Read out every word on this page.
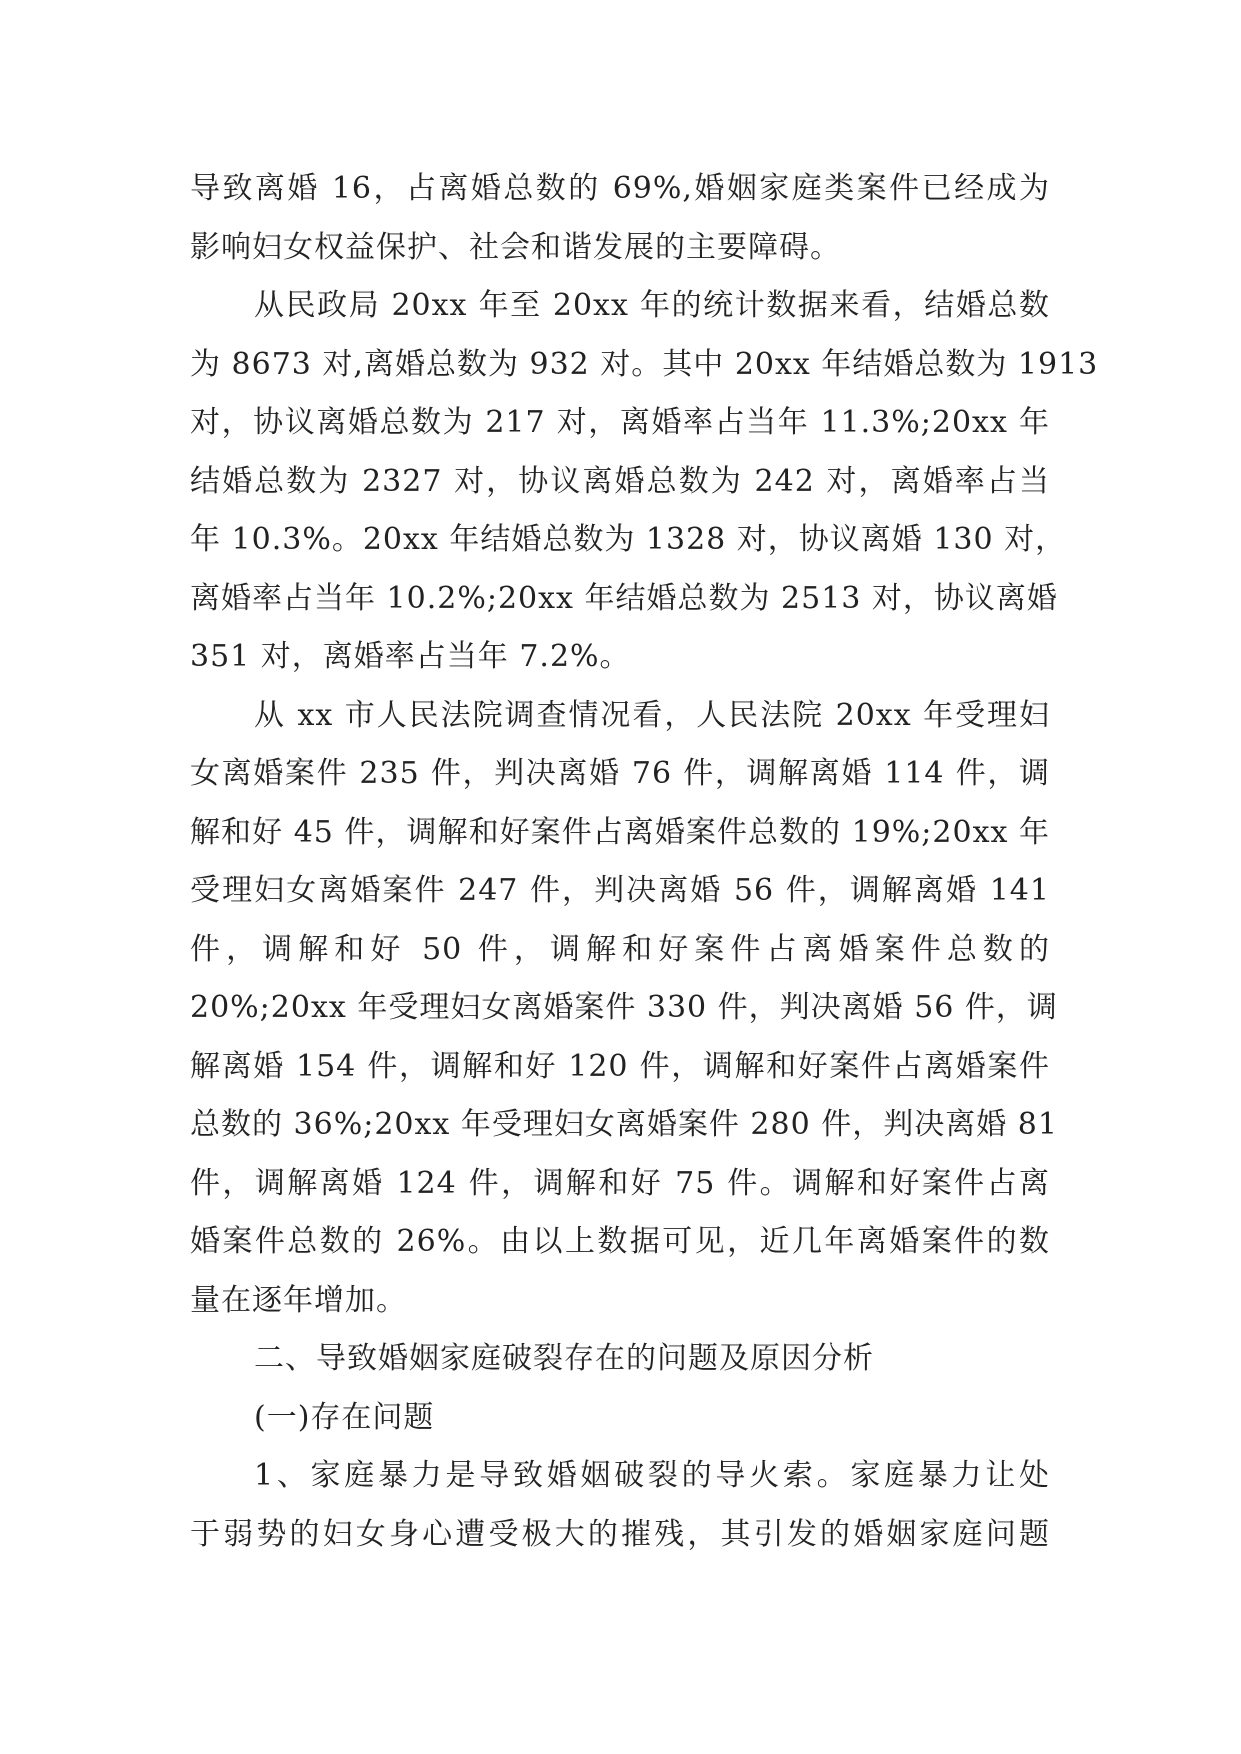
导致离婚 16，占离婚总数的 69%,婚姻家庭类案件已经成为
影响妇女权益保护、社会和谐发展的主要障碍。
从民政局 20xx 年至 20xx 年的统计数据来看，结婚总数
为 8673 对,离婚总数为 932 对。其中 20xx 年结婚总数为 1913
对，协议离婚总数为 217 对，离婚率占当年 11.3%;20xx 年
结婚总数为 2327 对，协议离婚总数为 242 对，离婚率占当
年 10.3%。20xx 年结婚总数为 1328 对，协议离婚 130 对，
离婚率占当年 10.2%;20xx 年结婚总数为 2513 对，协议离婚
351 对，离婚率占当年 7.2%。
从 xx 市人民法院调查情况看，人民法院 20xx 年受理妇
女离婚案件 235 件，判决离婚 76 件，调解离婚 114 件，调
解和好 45 件，调解和好案件占离婚案件总数的 19%;20xx 年
受理妇女离婚案件 247 件，判决离婚 56 件，调解离婚 141
件，调解和好 50 件，调解和好案件占离婚案件总数的
20%;20xx 年受理妇女离婚案件 330 件，判决离婚 56 件，调
解离婚 154 件，调解和好 120 件，调解和好案件占离婚案件
总数的 36%;20xx 年受理妇女离婚案件 280 件，判决离婚 81
件，调解离婚 124 件，调解和好 75 件。调解和好案件占离
婚案件总数的 26%。由以上数据可见，近几年离婚案件的数
量在逐年增加。
二、导致婚姻家庭破裂存在的问题及原因分析
(一)存在问题
1、家庭暴力是导致婚姻破裂的导火索。家庭暴力让处
于弱势的妇女身心遭受极大的摧残，其引发的婚姻家庭问题
